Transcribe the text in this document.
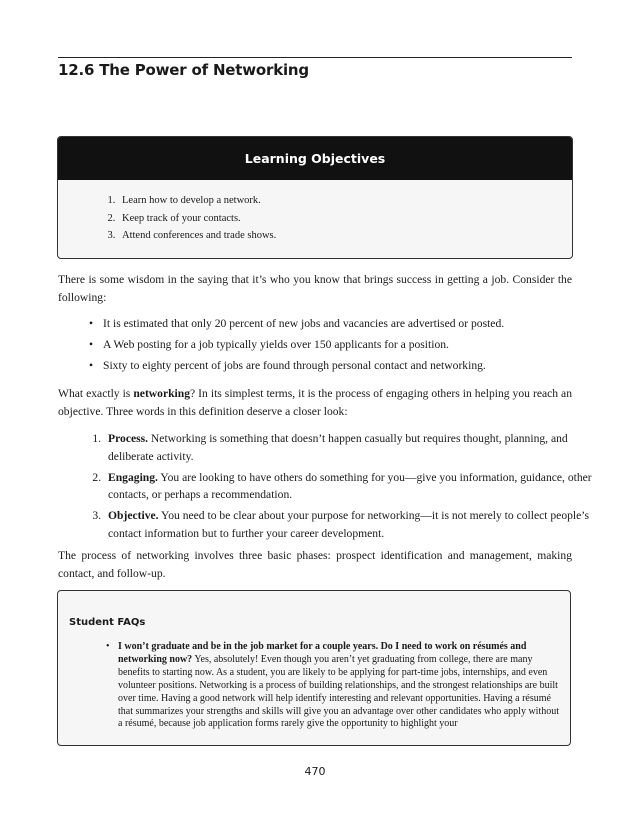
12.6 The Power of Networking
Learning Objectives
1. Learn how to develop a network.
2. Keep track of your contacts.
3. Attend conferences and trade shows.

There is some wisdom in the saying that it’s who you know that brings success in getting a job. Consider the following:

• It is estimated that only 20 percent of new jobs and vacancies are advertised or posted.
• A Web posting for a job typically yields over 150 applicants for a position.
• Sixty to eighty percent of jobs are found through personal contact and networking.

What exactly is networking? In its simplest terms, it is the process of engaging others in helping you reach an objective. Three words in this definition deserve a closer look:

1. Process. Networking is something that doesn’t happen casually but requires thought, planning, and deliberate activity.
2. Engaging. You are looking to have others do something for you—give you information, guidance, other contacts, or perhaps a recommendation.
3. Objective. You need to be clear about your purpose for networking—it is not merely to collect people’s contact information but to further your career development.

The process of networking involves three basic phases: prospect identification and management, making contact, and follow-up.

Student FAQs
• I won’t graduate and be in the job market for a couple years. Do I need to work on résumés and networking now? Yes, absolutely! Even though you aren’t yet graduating from college, there are many benefits to starting now. As a student, you are likely to be applying for part-time jobs, internships, and even volunteer positions. Networking is a process of building relationships, and the strongest relationships are built over time. Having a good network will help identify interesting and relevant opportunities. Having a résumé that summarizes your strengths and skills will give you an advantage over other candidates who apply without a résumé, because job application forms rarely give the opportunity to highlight your
470
